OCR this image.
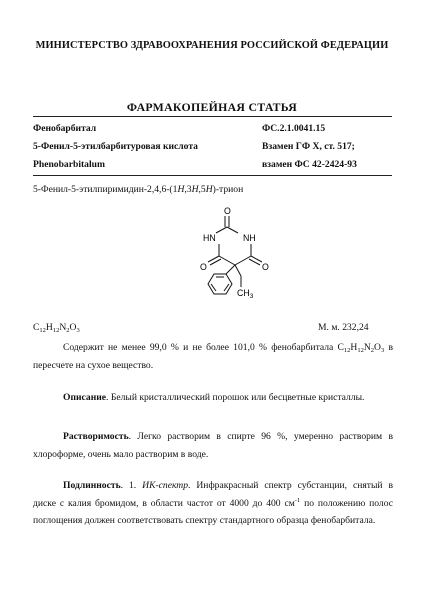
МИНИСТЕРСТВО ЗДРАВООХРАНЕНИЯ РОССИЙСКОЙ ФЕДЕРАЦИИ
ФАРМАКОПЕЙНАЯ СТАТЬЯ
Фенобарбитал	ФС.2.1.0041.15
5-Фенил-5-этилбарбитуровая кислота	Взамен ГФ X, ст. 517;
Phenobarbitalum	взамен ФС 42-2424-93
5-Фенил-5-этилпиримидин-2,4,6-(1H,3H,5H)-трион
O
HN	NH
O	O
$CH_3$
$C_{12}H_{12}N_2O_3$	М. м. 232,24
Содержит не менее 99,0 % и не более 101,0 % фенобарбитала $C_{12}H_{12}N_2O_3$ в пересчете на сухое вещество.
Описание. Белый кристаллический порошок или бесцветные кристаллы.
Растворимость. Легко растворим в спирте 96 %, умеренно растворим в хлороформе, очень мало растворим в воде.
Подлинность. 1. ИК-спектр. Инфракрасный спектр субстанции, снятый в диске с калия бромидом, в области частот от 4000 до 400 $см^{-1}$ по положению полос поглощения должен соответствовать спектру стандартного образца фенобарбитала.
